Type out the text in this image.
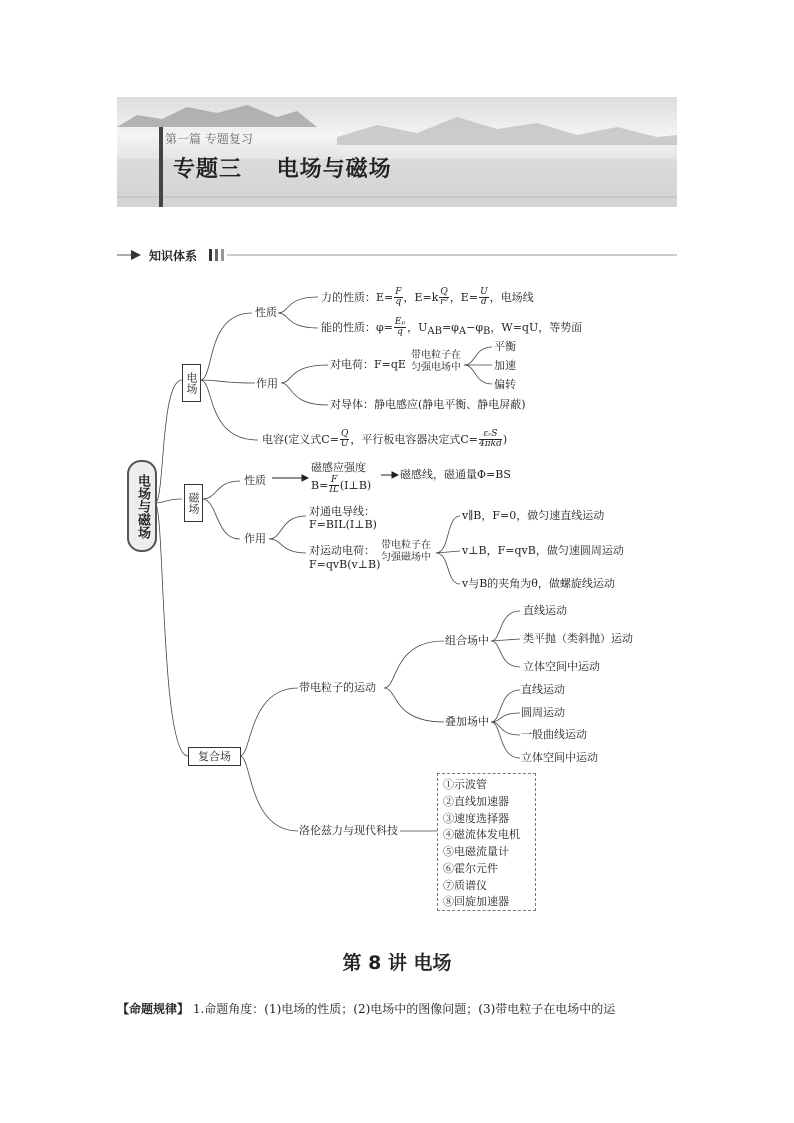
第一篇 专题复习
专题三 电场与磁场
知识体系
电场与磁场
电场
性质
力的性质：$E= \frac{F}{q}$ ，$E=k \frac{Q}{\text{r²}}$ ，$E= \frac{U}{d}$ ，电场线
能的性质：$\varphi= \frac{\text{Eₚ}}{q}$ ，$U_{AB}=\varphi_A-\varphi_B$，W=qU，等势面
作用
对电荷：F=qE
带电粒子在匀强电场中
平衡
加速
偏转
对导体：静电感应(静电平衡、静电屏蔽)
电容(定义式$C= \frac{Q}{U}$ ，平行板电容器决定式$C= \frac{\text{εᵣS}}{\text{4πkd}}$ )
磁场
性质
磁感应强度
$B= \frac{F}{IL}$ (I⊥B)
磁感线，磁通量Φ=BS
作用
对通电导线：
F=BIL(I⊥B)
对运动电荷：
F=qvB(v⊥B)
带电粒子在匀强磁场中
v∥B，F=0，做匀速直线运动
v⊥B，F=qvB，做匀速圆周运动
v与B的夹角为θ，做螺旋线运动
复合场
带电粒子的运动
组合场中
直线运动
类平抛（类斜抛）运动
立体空间中运动
叠加场中
直线运动
圆周运动
一般曲线运动
立体空间中运动
洛伦兹力与现代科技
①示波管
②直线加速器
③速度选择器
④磁流体发电机
⑤电磁流量计
⑥霍尔元件
⑦质谱仪
⑧回旋加速器
第 8 讲 电场
【命题规律】 1.命题角度：(1)电场的性质；(2)电场中的图像问题；(3)带电粒子在电场中的运
